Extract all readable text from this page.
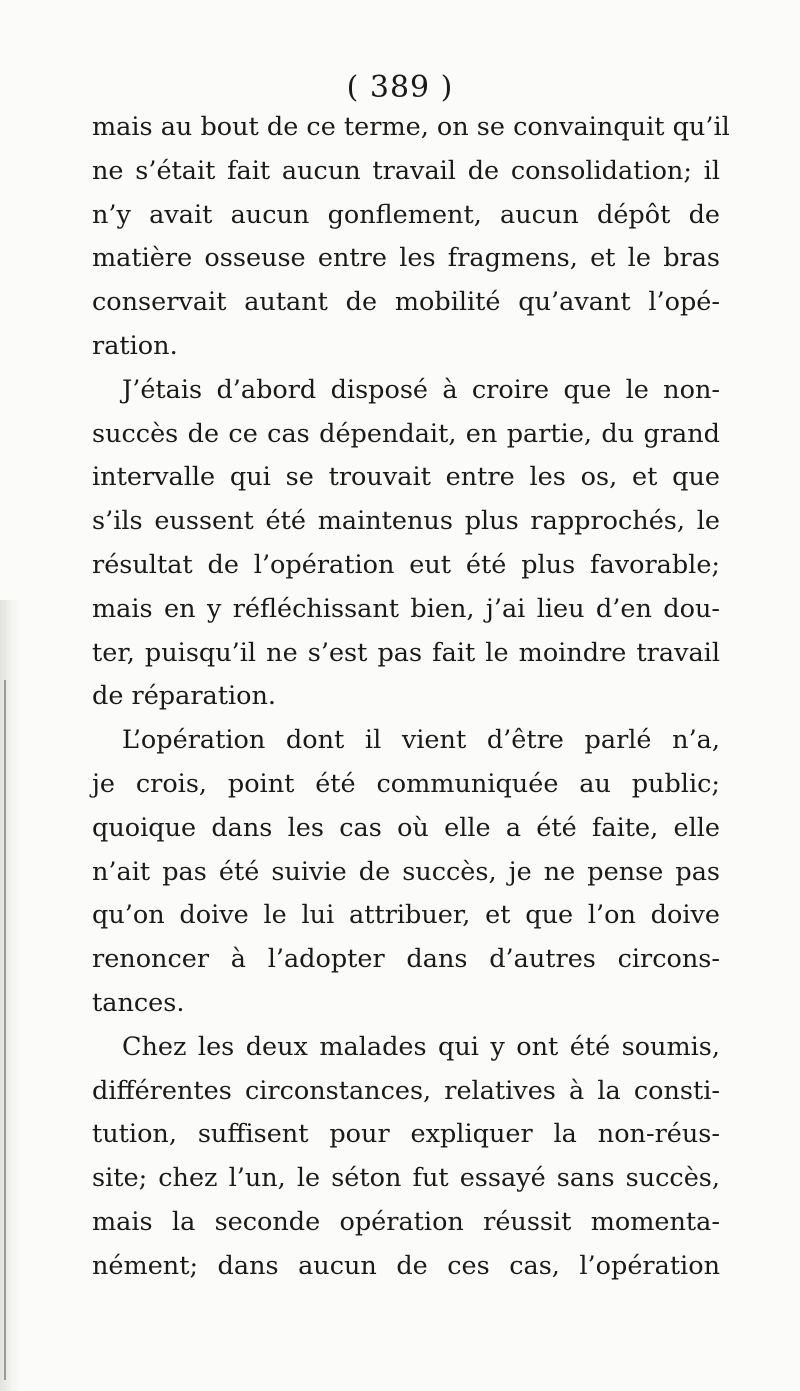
( 389 )
mais au bout de ce terme, on se convainquit qu’il
ne s’était fait aucun travail de consolidation; il
n’y avait aucun gonflement, aucun dépôt de
matière osseuse entre les fragmens, et le bras
conservait autant de mobilité qu’avant l’opé-
ration.
J’étais d’abord disposé à croire que le non-
succès de ce cas dépendait, en partie, du grand
intervalle qui se trouvait entre les os, et que
s’ils eussent été maintenus plus rapprochés, le
résultat de l’opération eut été plus favorable;
mais en y réfléchissant bien, j’ai lieu d’en dou-
ter, puisqu’il ne s’est pas fait le moindre travail
de réparation.
L’opération dont il vient d’être parlé n’a,
je crois, point été communiquée au public;
quoique dans les cas où elle a été faite, elle
n’ait pas été suivie de succès, je ne pense pas
qu’on doive le lui attribuer, et que l’on doive
renoncer à l’adopter dans d’autres circons-
tances.
Chez les deux malades qui y ont été soumis,
différentes circonstances, relatives à la consti-
tution, suffisent pour expliquer la non-réus-
site; chez l’un, le séton fut essayé sans succès,
mais la seconde opération réussit momenta-
nément; dans aucun de ces cas, l’opération
